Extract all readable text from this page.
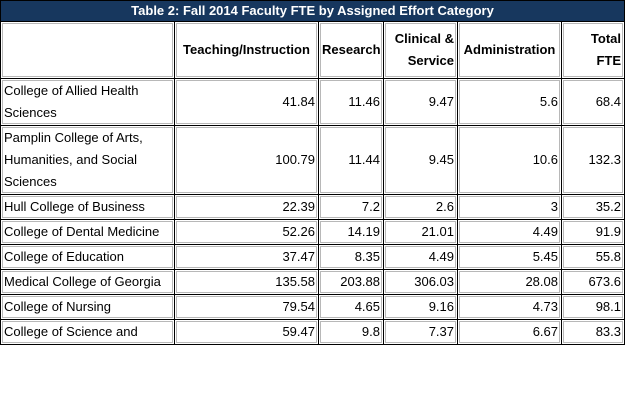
Table 2: Fall 2014 Faculty FTE by Assigned Effort Category					
	Teaching/Instruction	Research	Clinical & Service	Administration	Total FTE
College of Allied Health Sciences	41.84	11.46	9.47	5.6	68.4
Pamplin College of Arts, Humanities, and Social Sciences	100.79	11.44	9.45	10.6	132.3
Hull College of Business	22.39	7.2	2.6	3	35.2
College of Dental Medicine	52.26	14.19	21.01	4.49	91.9
College of Education	37.47	8.35	4.49	5.45	55.8
Medical College of Georgia	135.58	203.88	306.03	28.08	673.6
College of Nursing	79.54	4.65	9.16	4.73	98.1
College of Science and	59.47	9.8	7.37	6.67	83.3
